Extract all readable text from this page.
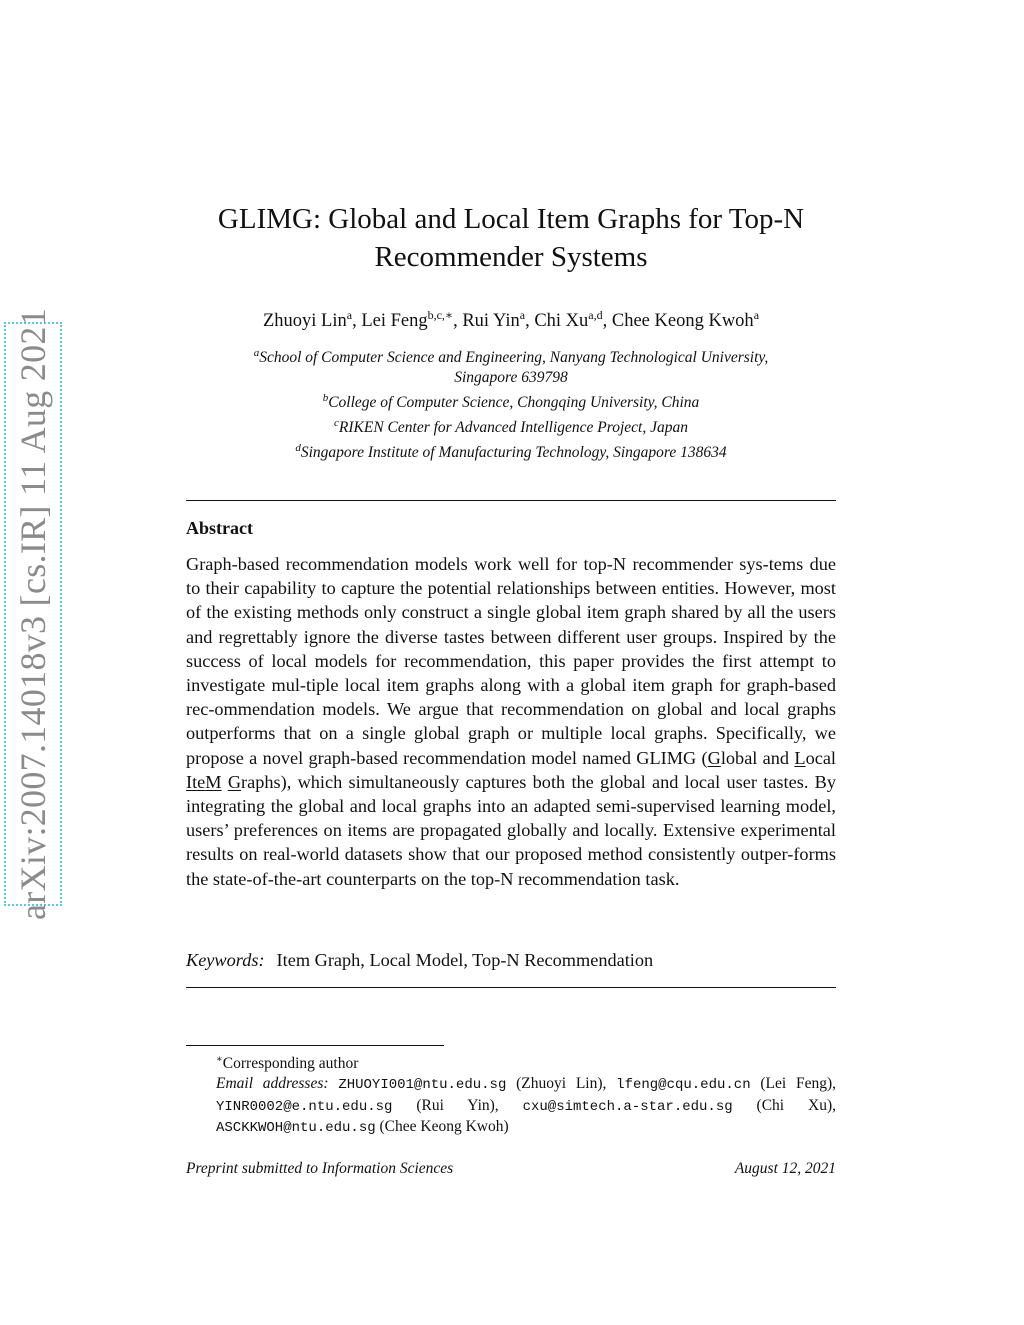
arXiv:2007.14018v3 [cs.IR] 11 Aug 2021
GLIMG: Global and Local Item Graphs for Top-N
Recommender Systems
Zhuoyi Lin$^a$, Lei Feng$^{b,c,∗}$, Rui Yin$^a$, Chi Xu$^{a,d}$, Chee Keong Kwoh$^a$
$^a$School of Computer Science and Engineering, Nanyang Technological University,
Singapore 639798
$^b$College of Computer Science, Chongqing University, China
$^c$RIKEN Center for Advanced Intelligence Project, Japan
$^d$Singapore Institute of Manufacturing Technology, Singapore 138634
Abstract

Graph-based recommendation models work well for top-N recommender sys-tems due to their capability to capture the potential relationships between entities. However, most of the existing methods only construct a single global item graph shared by all the users and regrettably ignore the diverse tastes between different user groups. Inspired by the success of local models for recommendation, this paper provides the first attempt to investigate mul-tiple local item graphs along with a global item graph for graph-based rec-ommendation models. We argue that recommendation on global and local graphs outperforms that on a single global graph or multiple local graphs. Specifically, we propose a novel graph-based recommendation model named GLIMG (Global and Local IteM Graphs), which simultaneously captures both the global and local user tastes. By integrating the global and local graphs into an adapted semi-supervised learning model, users’ preferences on items are propagated globally and locally. Extensive experimental results on real-world datasets show that our proposed method consistently outper-forms the state-of-the-art counterparts on the top-N recommendation task.

Keywords: Item Graph, Local Model, Top-N Recommendation
∗Corresponding author
Email addresses: ZHUOYI001@ntu.edu.sg (Zhuoyi Lin), lfeng@cqu.edu.cn (Lei Feng), YINR0002@e.ntu.edu.sg (Rui Yin), cxu@simtech.a-star.edu.sg (Chi Xu), ASCKKWOH@ntu.edu.sg (Chee Keong Kwoh)
Preprint submitted to Information Sciences	August 12, 2021
